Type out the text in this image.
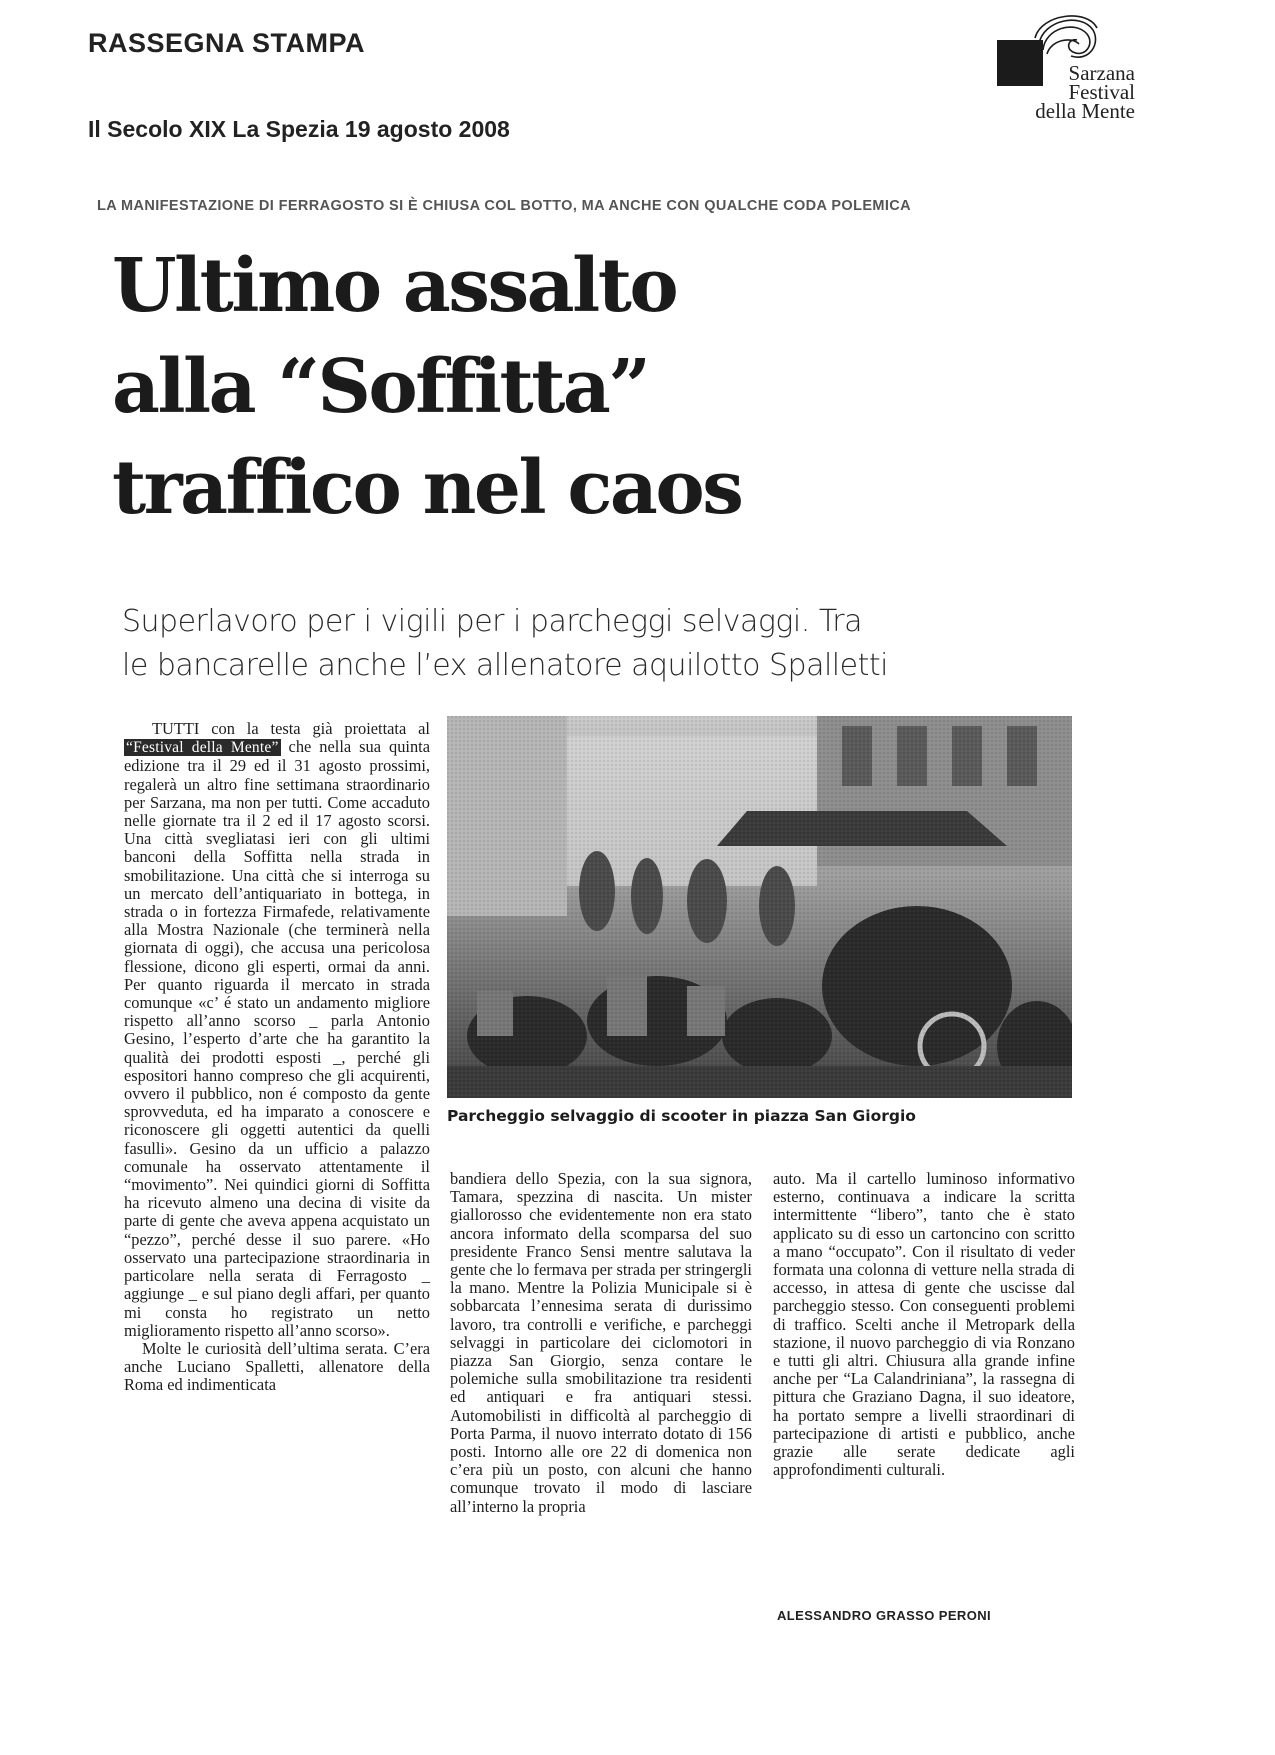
RASSEGNA STAMPA
Il Secolo XIX La Spezia 19 agosto 2008
Sarzana
Festival
della Mente
LA MANIFESTAZIONE DI FERRAGOSTO SI È CHIUSA COL BOTTO, MA ANCHE CON QUALCHE CODA POLEMICA
Ultimo assalto
alla “Soffitta”
traffico nel caos
Superlavoro per i vigili per i parcheggi selvaggi. Tra
le bancarelle anche l’ex allenatore aquilotto Spalletti

TUTTI con la testa già proiettata al “Festival della Mente” che nella sua quinta edizione tra il 29 ed il 31 agosto prossimi, regalerà un altro fine settimana straordinario per Sarzana, ma non per tutti. Come accaduto nelle giornate tra il 2 ed il 17 agosto scorsi. Una città svegliatasi ieri con gli ultimi banconi della Soffitta nella strada in smobilitazione. Una città che si interroga su un mercato dell’antiquariato in bottega, in strada o in fortezza Firmafede, relativamente alla Mostra Nazionale (che terminerà nella giornata di oggi), che accusa una pericolosa flessione, dicono gli esperti, ormai da anni. Per quanto riguarda il mercato in strada comunque «c’ é stato un andamento migliore rispetto all’anno scorso _ parla Antonio Gesino, l’esperto d’arte che ha garantito la qualità dei prodotti esposti _, perché gli espositori hanno compreso che gli acquirenti, ovvero il pubblico, non é composto da gente sprovveduta, ed ha imparato a conoscere e riconoscere gli oggetti autentici da quelli fasulli». Gesino da un ufficio a palazzo comunale ha osservato attentamente il “movimento”. Nei quindici giorni di Soffitta ha ricevuto almeno una decina di visite da parte di gente che aveva appena acquistato un “pezzo”, perché desse il suo parere. «Ho osservato una partecipazione straordinaria in particolare nella serata di Ferragosto _ aggiunge _ e sul piano degli affari, per quanto mi consta ho registrato un netto miglioramento rispetto all’anno scorso».

Molte le curiosità dell’ultima serata. C’era anche Luciano Spalletti, allenatore della Roma ed indimenticata

Parcheggio selvaggio di scooter in piazza San Giorgio

bandiera dello Spezia, con la sua signora, Tamara, spezzina di nascita. Un mister giallorosso che evidentemente non era stato ancora informato della scomparsa del suo presidente Franco Sensi mentre salutava la gente che lo fermava per strada per stringergli la mano. Mentre la Polizia Municipale si è sobbarcata l’ennesima serata di durissimo lavoro, tra controlli e verifiche, e parcheggi selvaggi in particolare dei ciclomotori in piazza San Giorgio, senza contare le polemiche sulla smobilitazione tra residenti ed antiquari e fra antiquari stessi. Automobilisti in difficoltà al parcheggio di Porta Parma, il nuovo interrato dotato di 156 posti. Intorno alle ore 22 di domenica non c’era più un posto, con alcuni che hanno comunque trovato il modo di lasciare all’interno la propria

auto. Ma il cartello luminoso informativo esterno, continuava a indicare la scritta intermittente “libero”, tanto che è stato applicato su di esso un cartoncino con scritto a mano “occupato”. Con il risultato di veder formata una colonna di vetture nella strada di accesso, in attesa di gente che uscisse dal parcheggio stesso. Con conseguenti problemi di traffico. Scelti anche il Metropark della stazione, il nuovo parcheggio di via Ronzano e tutti gli altri. Chiusura alla grande infine anche per “La Calandriniana”, la rassegna di pittura che Graziano Dagna, il suo ideatore, ha portato sempre a livelli straordinari di partecipazione di artisti e pubblico, anche grazie alle serate dedicate agli approfondimenti culturali.

ALESSANDRO GRASSO PERONI
